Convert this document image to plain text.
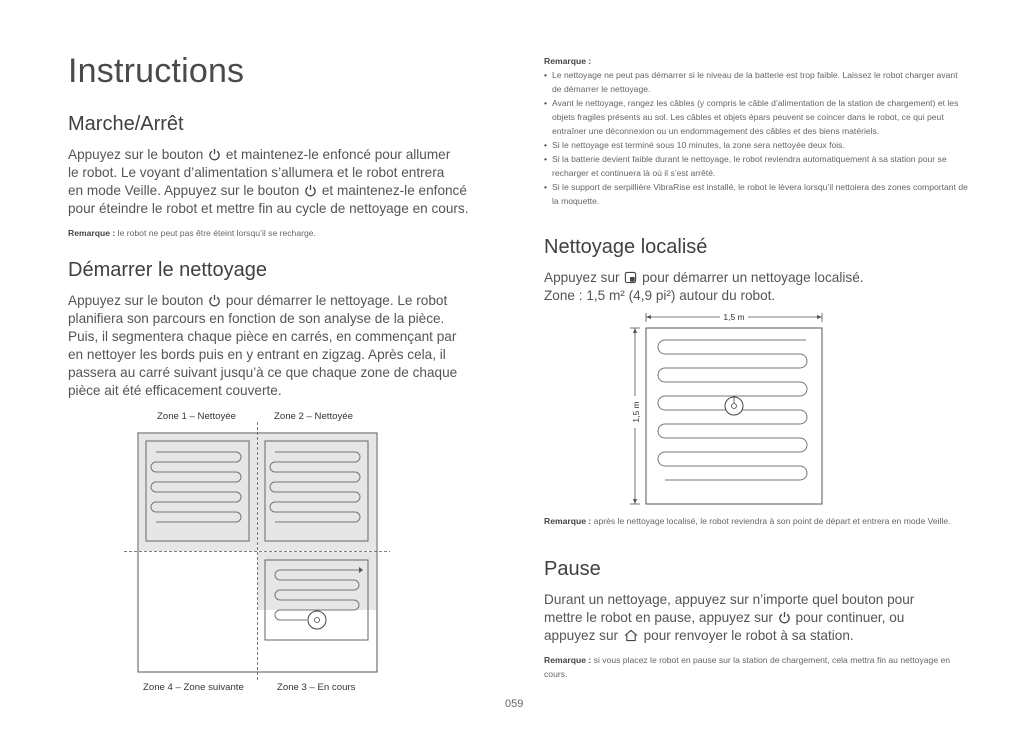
Instructions
Marche/Arrêt

Appuyez sur le bouton et maintenez-le enfoncé pour allumer
le robot. Le voyant d’alimentation s’allumera et le robot entrera
en mode Veille. Appuyez sur le bouton et maintenez-le enfoncé
pour éteindre le robot et mettre fin au cycle de nettoyage en cours.

Remarque : le robot ne peut pas être éteint lorsqu’il se recharge.

Démarrer le nettoyage

Appuyez sur le bouton pour démarrer le nettoyage. Le robot
planifiera son parcours en fonction de son analyse de la pièce.
Puis, il segmentera chaque pièce en carrés, en commençant par
en nettoyer les bords puis en y entrant en zigzag. Après cela, il
passera au carré suivant jusqu’à ce que chaque zone de chaque
pièce ait été efficacement couverte.

Zone 1 – Nettoyée	Zone 2 – Nettoyée
Zone 4 – Zone suivante	Zone 3 – En cours

Remarque :

• Le nettoyage ne peut pas démarrer si le niveau de la batterie est trop faible. Laissez le robot charger avant de démarrer le nettoyage.
• Avant le nettoyage, rangez les câbles (y compris le câble d’alimentation de la station de chargement) et les objets fragiles présents au sol. Les câbles et objets épars peuvent se coincer dans le robot, ce qui peut entraîner une déconnexion ou un endommagement des câbles et des biens matériels.
• Si le nettoyage est terminé sous 10 minutes, la zone sera nettoyée deux fois.
• Si la batterie devient faible durant le nettoyage, le robot reviendra automatiquement à sa station pour se recharger et continuera là où il s’est arrêté.
• Si le support de serpillière VibraRise est installé, le robot le lèvera lorsqu’il nettoiera des zones comportant de la moquette.
Nettoyage localisé

Appuyez sur pour démarrer un nettoyage localisé.
Zone : 1,5 m² (4,9 pi²) autour du robot.

1,5 m
1,5 m

Remarque : après le nettoyage localisé, le robot reviendra à son point de départ et entrera en mode Veille.

Pause

Durant un nettoyage, appuyez sur n’importe quel bouton pour
mettre le robot en pause, appuyez sur pour continuer, ou
appuyez sur pour renvoyer le robot à sa station.

Remarque : si vous placez le robot en pause sur la station de chargement, cela mettra fin au nettoyage en cours.

059
